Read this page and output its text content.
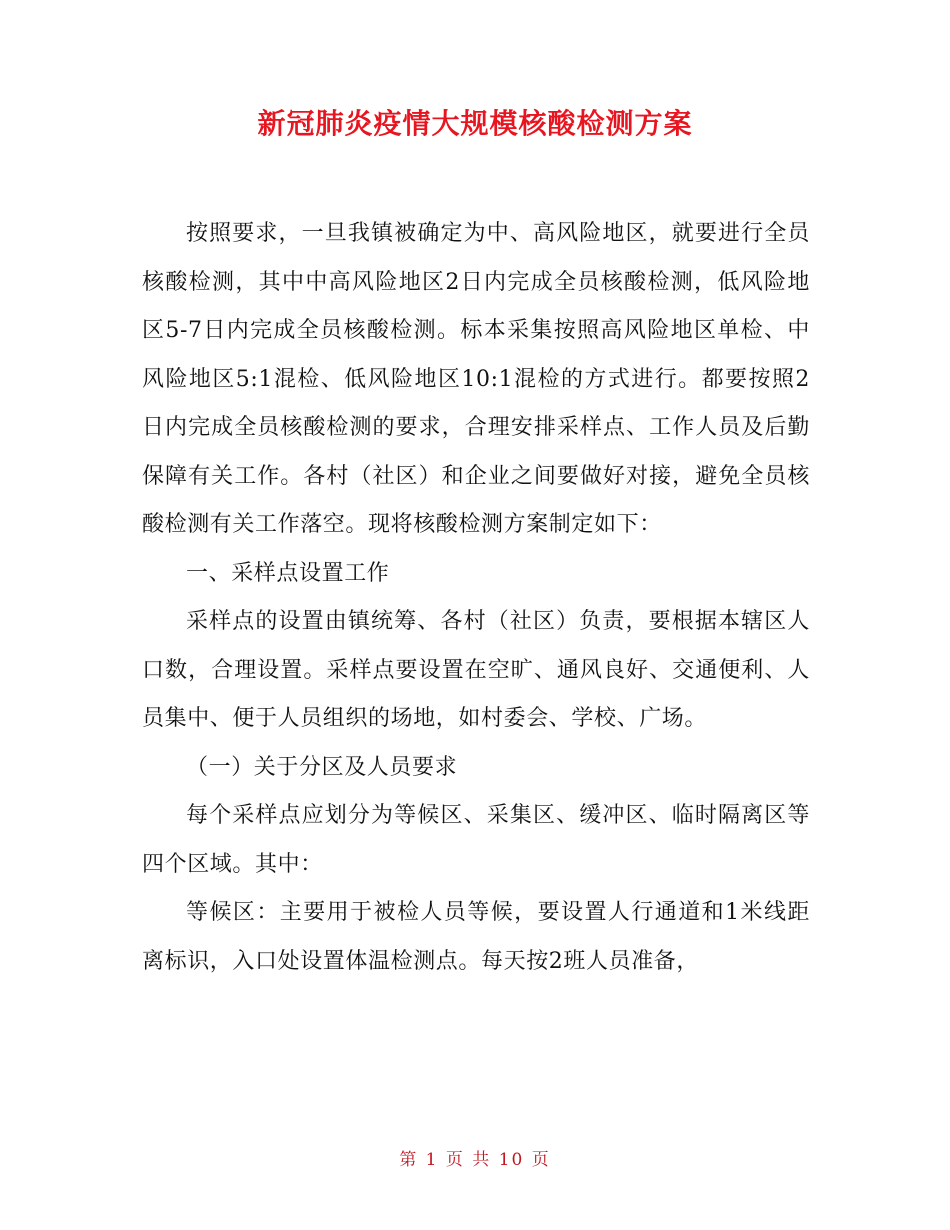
新冠肺炎疫情大规模核酸检测方案

按照要求，一旦我镇被确定为中、高风险地区，就要进行全员核酸检测，其中中高风险地区2日内完成全员核酸检测，低风险地区5-7日内完成全员核酸检测。标本采集按照高风险地区单检、中风险地区5:1混检、低风险地区10:1混检的方式进行。都要按照2日内完成全员核酸检测的要求，合理安排采样点、工作人员及后勤保障有关工作。各村（社区）和企业之间要做好对接，避免全员核酸检测有关工作落空。现将核酸检测方案制定如下：

一、采样点设置工作

采样点的设置由镇统筹、各村（社区）负责，要根据本辖区人口数，合理设置。采样点要设置在空旷、通风良好、交通便利、人员集中、便于人员组织的场地，如村委会、学校、广场。

（一）关于分区及人员要求

每个采样点应划分为等候区、采集区、缓冲区、临时隔离区等四个区域。其中：

等候区：主要用于被检人员等候，要设置人行通道和1米线距离标识，入口处设置体温检测点。每天按2班人员准备，

第 1 页 共 10 页
